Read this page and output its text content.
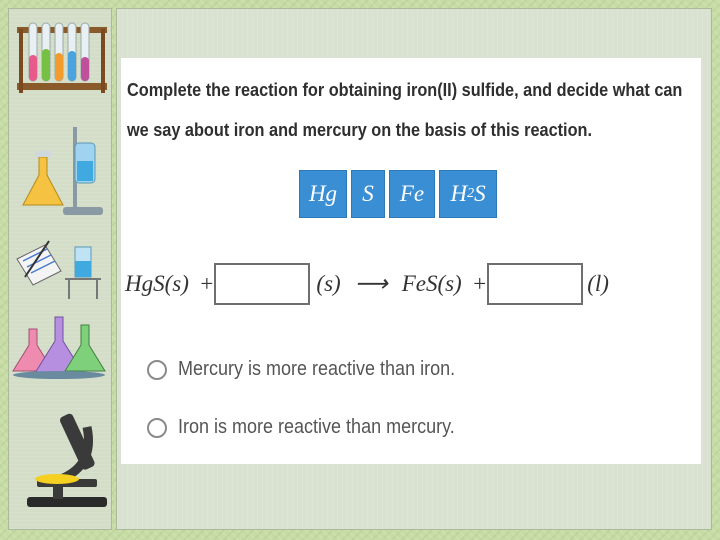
Complete the reaction for obtaining iron(II) sulfide, and decide what can
we say about iron and mercury on the basis of this reaction.
Hg S Fe H 2 S
HgS(s) +	(s) ⟶ FeS(s) +	(l)
Mercury is more reactive than iron.
Iron is more reactive than mercury.
